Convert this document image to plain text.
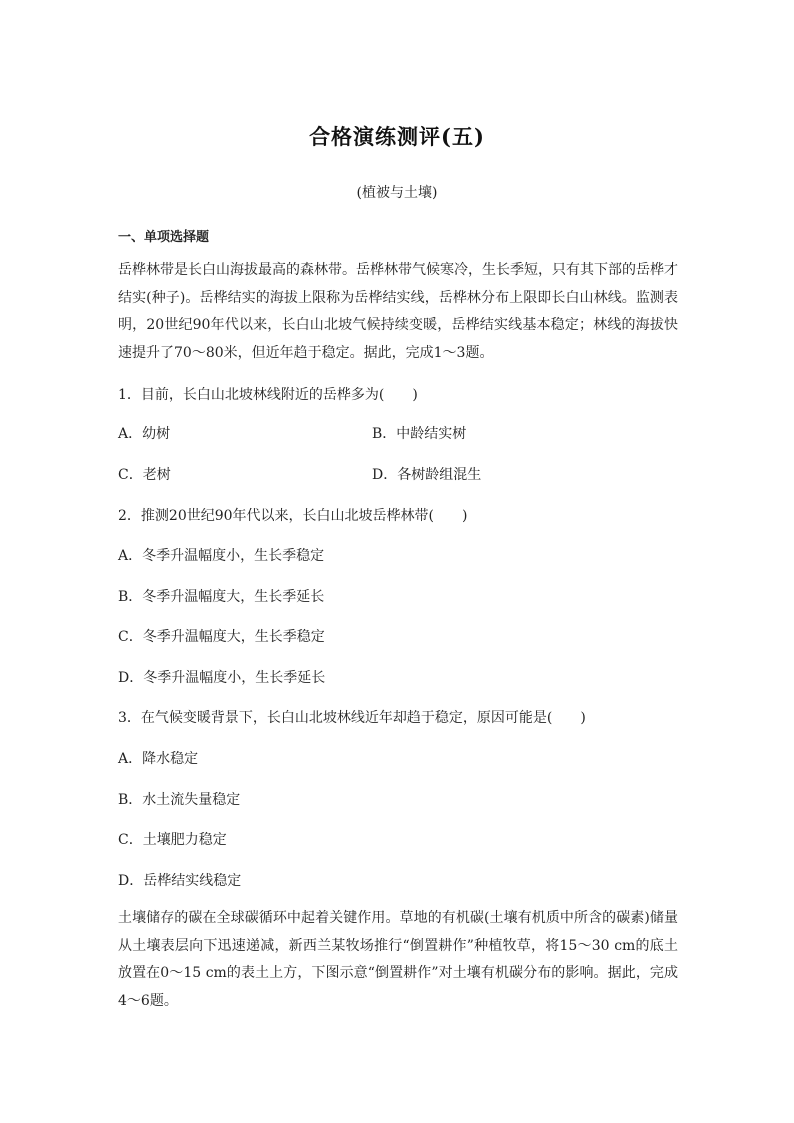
合格演练测评(五)
(植被与土壤)
一、单项选择题

岳桦林带是长白山海拔最高的森林带。岳桦林带气候寒冷，生长季短，只有其下部的岳桦才结实(种子)。岳桦结实的海拔上限称为岳桦结实线，岳桦林分布上限即长白山林线。监测表明，20世纪90年代以来，长白山北坡气候持续变暖，岳桦结实线基本稳定；林线的海拔快速提升了70～80米，但近年趋于稳定。据此，完成1～3题。

1．目前，长白山北坡林线附近的岳桦多为(　　)
A．幼树	B．中龄结实树
C．老树	D．各树龄组混生
2．推测20世纪90年代以来，长白山北坡岳桦林带(　　)
A．冬季升温幅度小，生长季稳定
B．冬季升温幅度大，生长季延长
C．冬季升温幅度大，生长季稳定
D．冬季升温幅度小，生长季延长
3．在气候变暖背景下，长白山北坡林线近年却趋于稳定，原因可能是(　　)
A．降水稳定
B．水土流失量稳定
C．土壤肥力稳定
D．岳桦结实线稳定

土壤储存的碳在全球碳循环中起着关键作用。草地的有机碳(土壤有机质中所含的碳素)储量从土壤表层向下迅速递减，新西兰某牧场推行“倒置耕作”种植牧草，将15～30 cm的底土放置在0～15 cm的表土上方，下图示意“倒置耕作”对土壤有机碳分布的影响。据此，完成4～6题。
